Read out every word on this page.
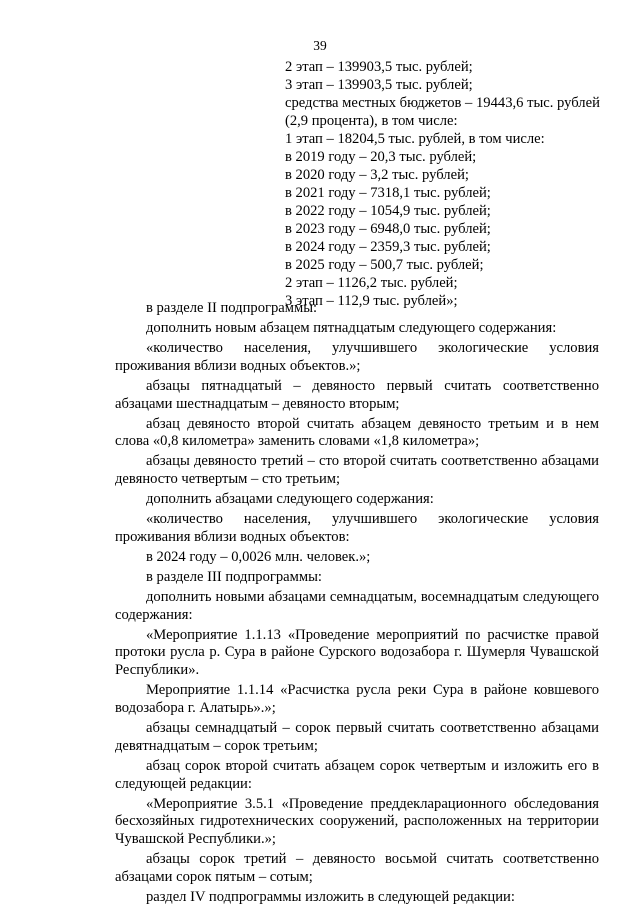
39
2 этап – 139903,5 тыс. рублей;
3 этап – 139903,5 тыс. рублей;
средства местных бюджетов – 19443,6 тыс. рублей
(2,9 процента), в том числе:
1 этап – 18204,5 тыс. рублей, в том числе:
в 2019 году – 20,3 тыс. рублей;
в 2020 году – 3,2 тыс. рублей;
в 2021 году – 7318,1 тыс. рублей;
в 2022 году – 1054,9 тыс. рублей;
в 2023 году – 6948,0 тыс. рублей;
в 2024 году – 2359,3 тыс. рублей;
в 2025 году – 500,7 тыс. рублей;
2 этап – 1126,2 тыс. рублей;
3 этап – 112,9 тыс. рублей»;
в разделе II подпрограммы:
дополнить новым абзацем пятнадцатым следующего содержания:
«количество населения, улучшившего экологические условия проживания вблизи водных объектов.»;
абзацы пятнадцатый – девяносто первый считать соответственно абзацами шестнадцатым – девяносто вторым;
абзац девяносто второй считать абзацем девяносто третьим и в нем слова «0,8 километра» заменить словами «1,8 километра»;
абзацы девяносто третий – сто второй считать соответственно абзацами девяносто четвертым – сто третьим;
дополнить абзацами следующего содержания:
«количество населения, улучшившего экологические условия проживания вблизи водных объектов:
в 2024 году – 0,0026 млн. человек.»;
в разделе III подпрограммы:
дополнить новыми абзацами семнадцатым, восемнадцатым следующего содержания:
«Мероприятие 1.1.13 «Проведение мероприятий по расчистке правой протоки русла р. Сура в районе Сурского водозабора г. Шумерля Чувашской Республики».
Мероприятие 1.1.14 «Расчистка русла реки Сура в районе ковшевого водозабора г. Алатырь».»;
абзацы семнадцатый – сорок первый считать соответственно абзацами девятнадцатым – сорок третьим;
абзац сорок второй считать абзацем сорок четвертым и изложить его в следующей редакции:
«Мероприятие 3.5.1 «Проведение преддекларационного обследования бесхозяйных гидротехнических сооружений, расположенных на территории Чувашской Республики.»;
абзацы сорок третий – девяносто восьмой считать соответственно абзацами сорок пятым – сотым;
раздел IV подпрограммы изложить в следующей редакции:
